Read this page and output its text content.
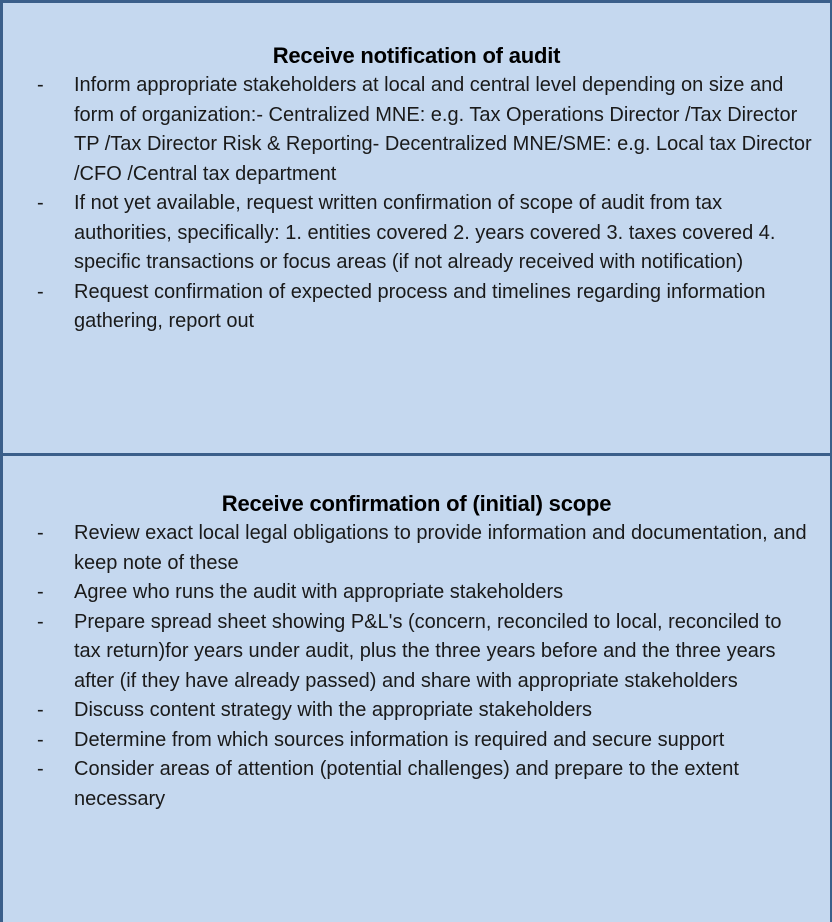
Receive notification of audit
-	Inform appropriate stakeholders at local and central level depending on size and form of organization:- Centralized MNE: e.g. Tax Operations Director /Tax Director TP /Tax Director Risk & Reporting- Decentralized MNE/SME: e.g. Local tax Director /CFO /Central tax department
-	If not yet available, request written confirmation of scope of audit from tax authorities, specifically: 1. entities covered 2. years covered 3. taxes covered 4. specific transactions or focus areas (if not already received with notification)
-	Request confirmation of expected process and timelines regarding information gathering, report out
Receive confirmation of (initial) scope
-	Review exact local legal obligations to provide information and documentation, and keep note of these
-	Agree who runs the audit with appropriate stakeholders
-	Prepare spread sheet showing P&L's (concern, reconciled to local, reconciled to tax return)for years under audit, plus the three years before and the three years after (if they have already passed) and share with appropriate stakeholders
-	Discuss content strategy with the appropriate stakeholders
-	Determine from which sources information is required and secure support
-	Consider areas of attention (potential challenges) and prepare to the extent necessary
